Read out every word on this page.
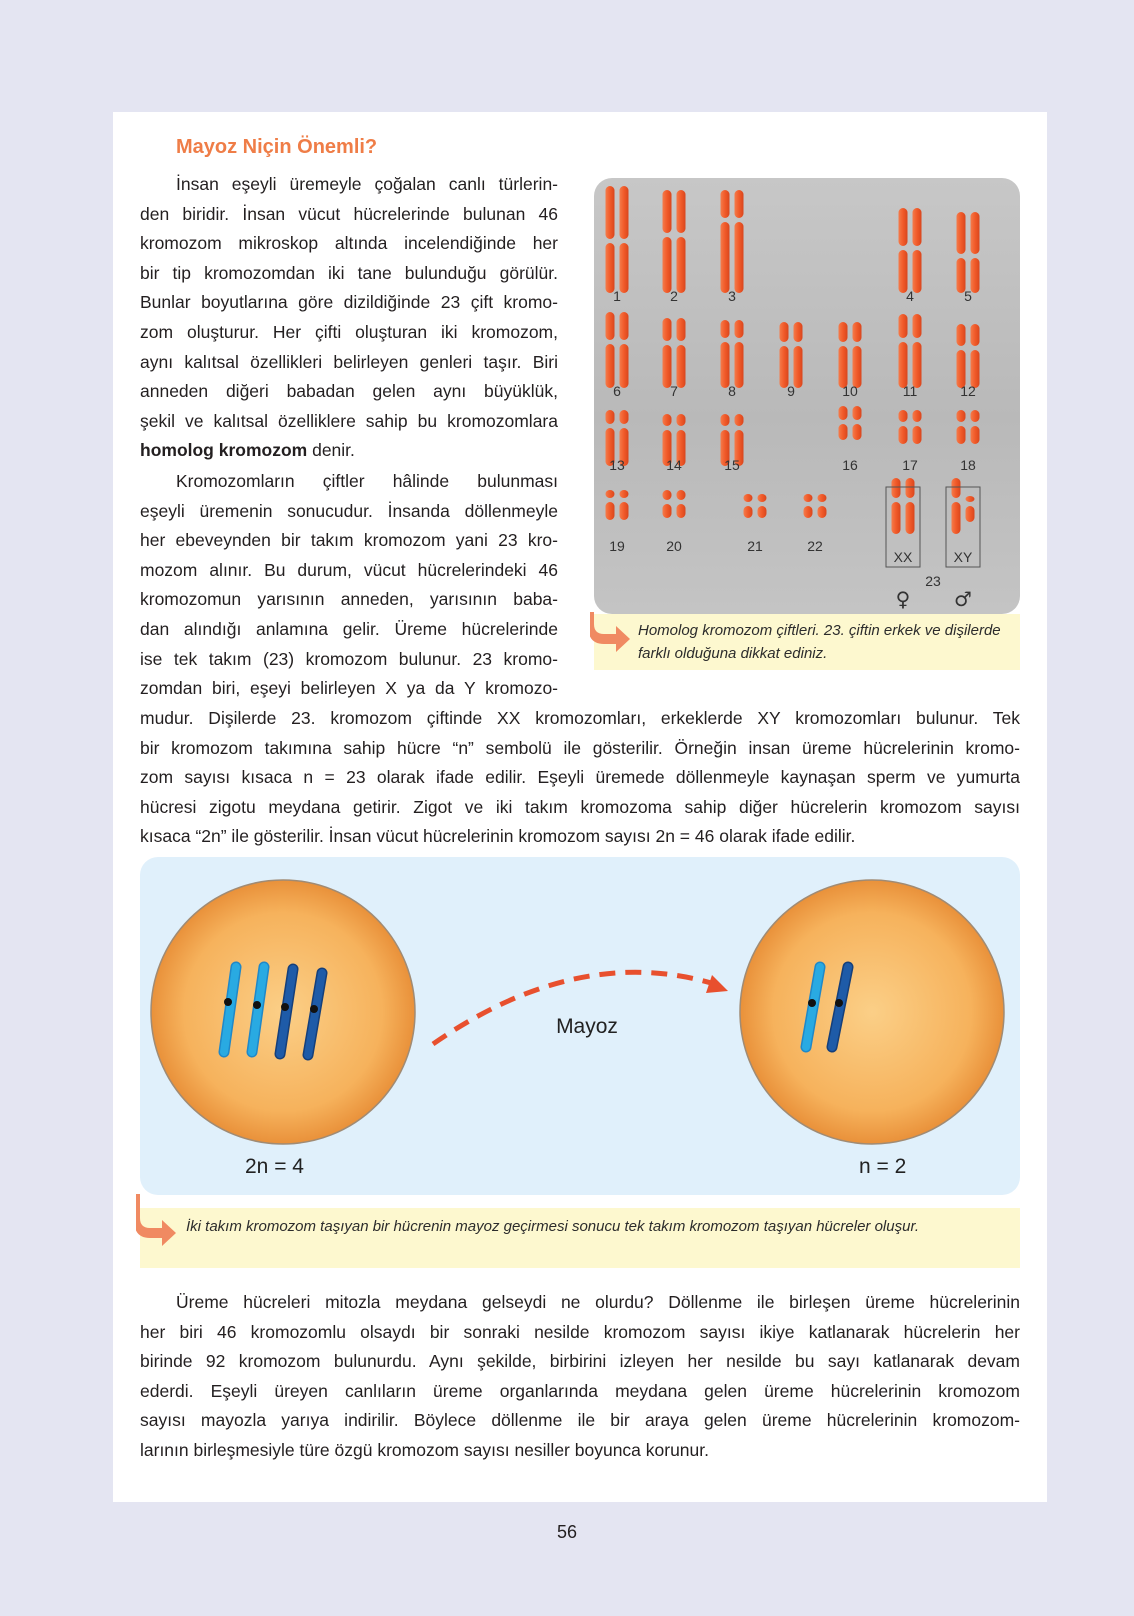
Mayoz Niçin Önemli?
İnsan eşeyli üremeyle çoğalan canlı türlerin-
den biridir. İnsan vücut hücrelerinde bulunan 46
kromozom mikroskop altında incelendiğinde her
bir tip kromozomdan iki tane bulunduğu görülür.
Bunlar boyutlarına göre dizildiğinde 23 çift kromo-
zom oluşturur. Her çifti oluşturan iki kromozom,
aynı kalıtsal özellikleri belirleyen genleri taşır. Biri
anneden diğeri babadan gelen aynı büyüklük,
şekil ve kalıtsal özelliklere sahip bu kromozomlara
homolog kromozom denir.
Kromozomların çiftler hâlinde bulunması
eşeyli üremenin sonucudur. İnsanda döllenmeyle
her ebeveynden bir takım kromozom yani 23 kro-
mozom alınır. Bu durum, vücut hücrelerindeki 46
kromozomun yarısının anneden, yarısının baba-
dan alındığı anlamına gelir. Üreme hücrelerinde
ise tek takım (23) kromozom bulunur. 23 kromo-
zomdan biri, eşeyi belirleyen X ya da Y kromozo-
mudur. Dişilerde 23. kromozom çiftinde XX kromozomları, erkeklerde XY kromozomları bulunur. Tek
bir kromozom takımına sahip hücre “n” sembolü ile gösterilir. Örneğin insan üreme hücrelerinin kromo-
zom sayısı kısaca n = 23 olarak ifade edilir. Eşeyli üremede döllenmeyle kaynaşan sperm ve yumurta
hücresi zigotu meydana getirir. Zigot ve iki takım kromozoma sahip diğer hücrelerin kromozom sayısı
kısaca “2n” ile gösterilir. İnsan vücut hücrelerinin kromozom sayısı 2n = 46 olarak ifade edilir.
1	2	3	4	5
6	7	8	9	10	11	12
13	14	15	16	17	18
19	20	21	22
XX	XY
23
♀ ♂
Homolog kromozom çiftleri. 23. çiftin erkek ve dişilerde farklı olduğuna dikkat ediniz.
Mayoz
2n = 4	n = 2
İki takım kromozom taşıyan bir hücrenin mayoz geçirmesi sonucu tek takım kromozom taşıyan hücreler oluşur.
Üreme hücreleri mitozla meydana gelseydi ne olurdu? Döllenme ile birleşen üreme hücrelerinin
her biri 46 kromozomlu olsaydı bir sonraki nesilde kromozom sayısı ikiye katlanarak hücrelerin her
birinde 92 kromozom bulunurdu. Aynı şekilde, birbirini izleyen her nesilde bu sayı katlanarak devam
ederdi. Eşeyli üreyen canlıların üreme organlarında meydana gelen üreme hücrelerinin kromozom
sayısı mayozla yarıya indirilir. Böylece döllenme ile bir araya gelen üreme hücrelerinin kromozom-
larının birleşmesiyle türe özgü kromozom sayısı nesiller boyunca korunur.
56
